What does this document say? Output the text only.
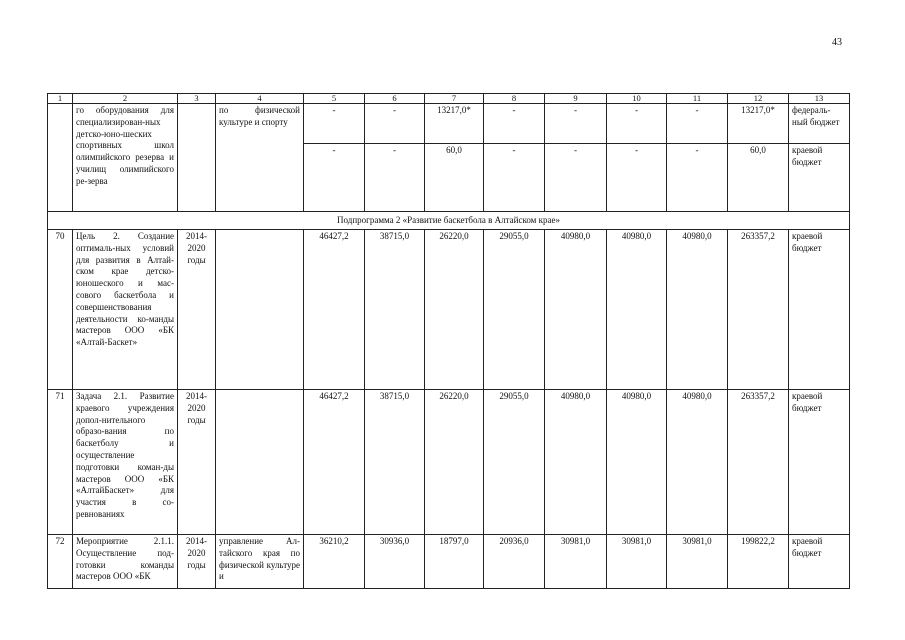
43
1	2	3	4	5	6	7	8	9	10	11	12	13
	го оборудования для специализирован-ных детско-юно-шеских спортивных школ олимпийского резерва и училищ олимпийского ре-зерва		по физической культуре и спорту	-	-	13217,0*	-	-	-	-	13217,0*	федераль-ный бюджет
				-	-	60,0	-	-	-	-	60,0	краевой бюджет
Подпрограмма 2 «Развитие баскетбола в Алтайском крае»												
70	Цель 2. Создание оптималь-ных условий для развития в Алтай-ском крае детско-юношеского и мас-сового баскетбола и совершенствования деятельности ко-манды мастеров ООО «БК «Алтай-Баскет»	2014-2020 годы		46427,2	38715,0	26220,0	29055,0	40980,0	40980,0	40980,0	263357,2	краевой бюджет
71	Задача 2.1. Развитие краевого учреждения допол-нительного образо-вания по баскетболу и осуществление подготовки коман-ды мастеров ООО «БК «АлтайБаскет» для участия в со-ревнованиях	2014-2020 годы		46427,2	38715,0	26220,0	29055,0	40980,0	40980,0	40980,0	263357,2	краевой бюджет
72	Мероприятие 2.1.1. Осуществление под-готовки команды мастеров ООО «БК	2014-2020 годы	управление Ал-тайского края по физической культуре и	36210,2	30936,0	18797,0	20936,0	30981,0	30981,0	30981,0	199822,2	краевой бюджет
